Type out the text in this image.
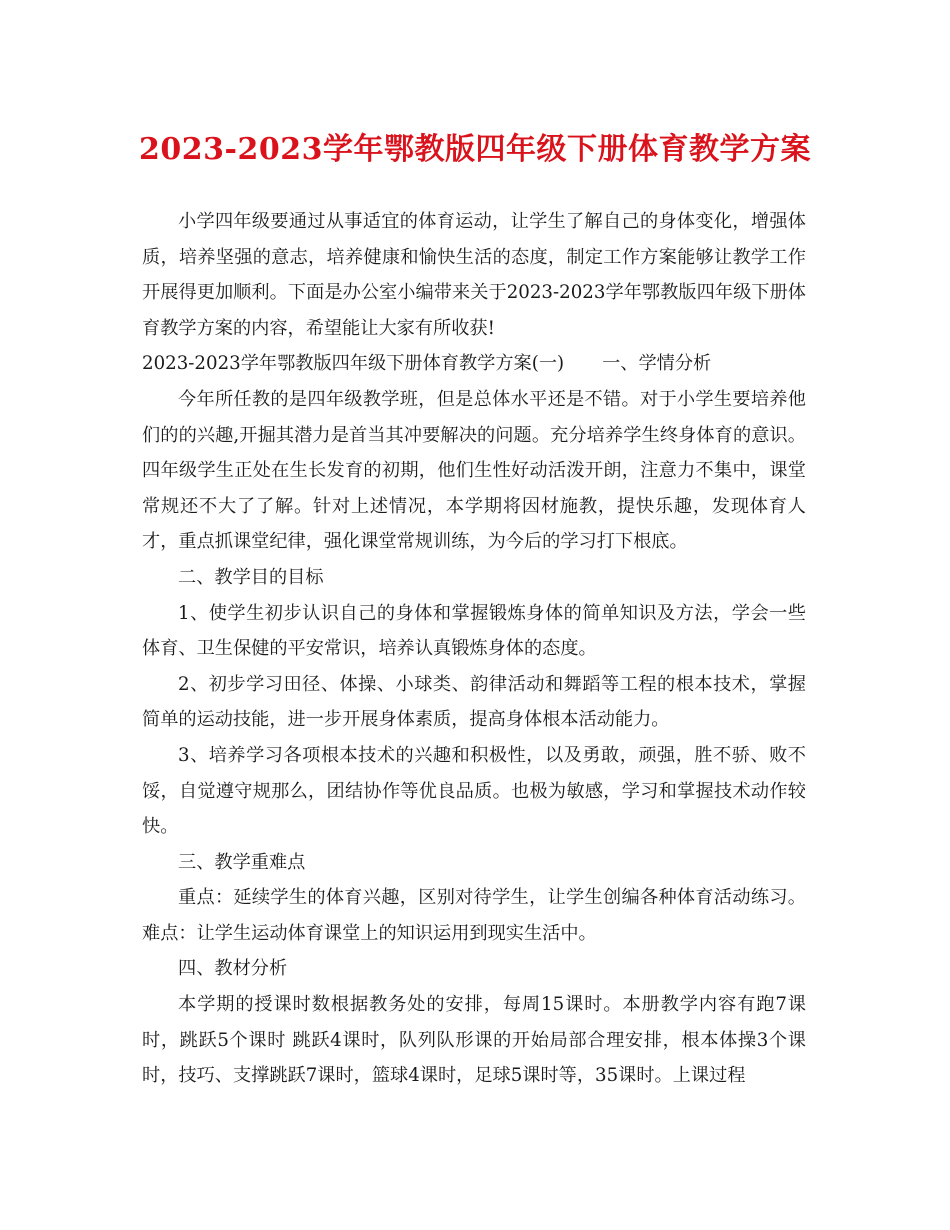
2023-2023学年鄂教版四年级下册体育教学方案

小学四年级要通过从事适宜的体育运动，让学生了解自己的身体变化，增强体质，培养坚强的意志，培养健康和愉快生活的态度，制定工作方案能够让教学工作开展得更加顺利。下面是办公室小编带来关于2023-2023学年鄂教版四年级下册体育教学方案的内容，希望能让大家有所收获!

2023-2023学年鄂教版四年级下册体育教学方案(一) 一、学情分析

今年所任教的是四年级教学班，但是总体水平还是不错。对于小学生要培养他们的的兴趣,开掘其潜力是首当其冲要解决的问题。充分培养学生终身体育的意识。四年级学生正处在生长发育的初期，他们生性好动活泼开朗，注意力不集中，课堂常规还不大了了解。针对上述情况，本学期将因材施教，提快乐趣，发现体育人才，重点抓课堂纪律，强化课堂常规训练，为今后的学习打下根底。

二、教学目的目标

1、使学生初步认识自己的身体和掌握锻炼身体的简单知识及方法，学会一些体育、卫生保健的平安常识，培养认真锻炼身体的态度。

2、初步学习田径、体操、小球类、韵律活动和舞蹈等工程的根本技术，掌握简单的运动技能，进一步开展身体素质，提高身体根本活动能力。

3、培养学习各项根本技术的兴趣和积极性，以及勇敢，顽强，胜不骄、败不馁，自觉遵守规那么，团结协作等优良品质。也极为敏感，学习和掌握技术动作较快。

三、教学重难点

重点：延续学生的体育兴趣，区别对待学生，让学生创编各种体育活动练习。 难点：让学生运动体育课堂上的知识运用到现实生活中。

四、教材分析

本学期的授课时数根据教务处的安排，每周15课时。本册教学内容有跑7课时，跳跃5个课时 跳跃4课时，队列队形课的开始局部合理安排，根本体操3个课时，技巧、支撑跳跃7课时，篮球4课时，足球5课时等，35课时。上课过程
